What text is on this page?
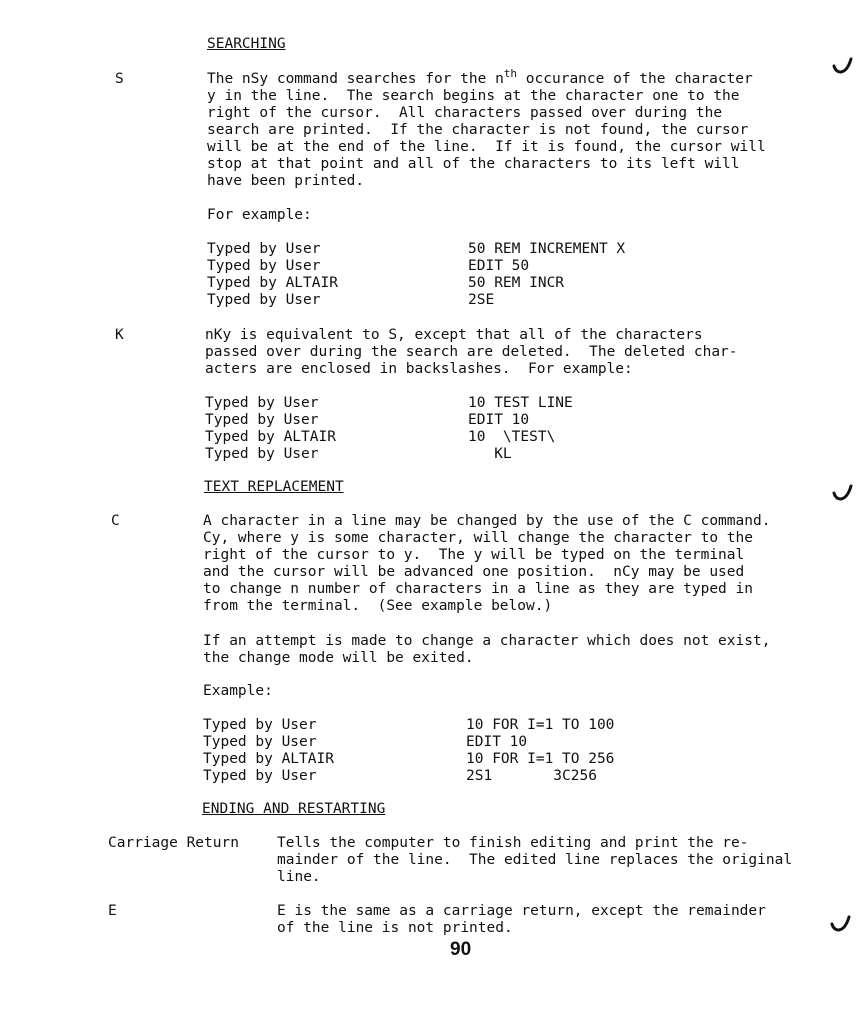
SEARCHING
S	The nSy command searches for the $n^{th}$ occurance of the character
y in the line.  The search begins at the character one to the
right of the cursor.  All characters passed over during the
search are printed.  If the character is not found, the cursor
will be at the end of the line.  If it is found, the cursor will
stop at that point and all of the characters to its left will
have been printed.
For example:
Typed by User	50 REM INCREMENT X
Typed by User	EDIT 50
Typed by ALTAIR	50 REM INCR
Typed by User	2SE
K	nKy is equivalent to S, except that all of the characters
passed over during the search are deleted.  The deleted char-
acters are enclosed in backslashes.  For example:
Typed by User	10 TEST LINE
Typed by User	EDIT 10
Typed by ALTAIR	10  \TEST\
Typed by User	KL
TEXT REPLACEMENT
C	A character in a line may be changed by the use of the C command.
Cy, where y is some character, will change the character to the
right of the cursor to y.  The y will be typed on the terminal
and the cursor will be advanced one position.  nCy may be used
to change n number of characters in a line as they are typed in
from the terminal.  (See example below.)
If an attempt is made to change a character which does not exist,
the change mode will be exited.
Example:
Typed by User	10 FOR I=1 TO 100
Typed by User	EDIT 10
Typed by ALTAIR	10 FOR I=1 TO 256
Typed by User	2S1       3C256
ENDING AND RESTARTING
Carriage Return	Tells the computer to finish editing and print the re-
mainder of the line.  The edited line replaces the original
line.
E	E is the same as a carriage return, except the remainder
of the line is not printed.
90
